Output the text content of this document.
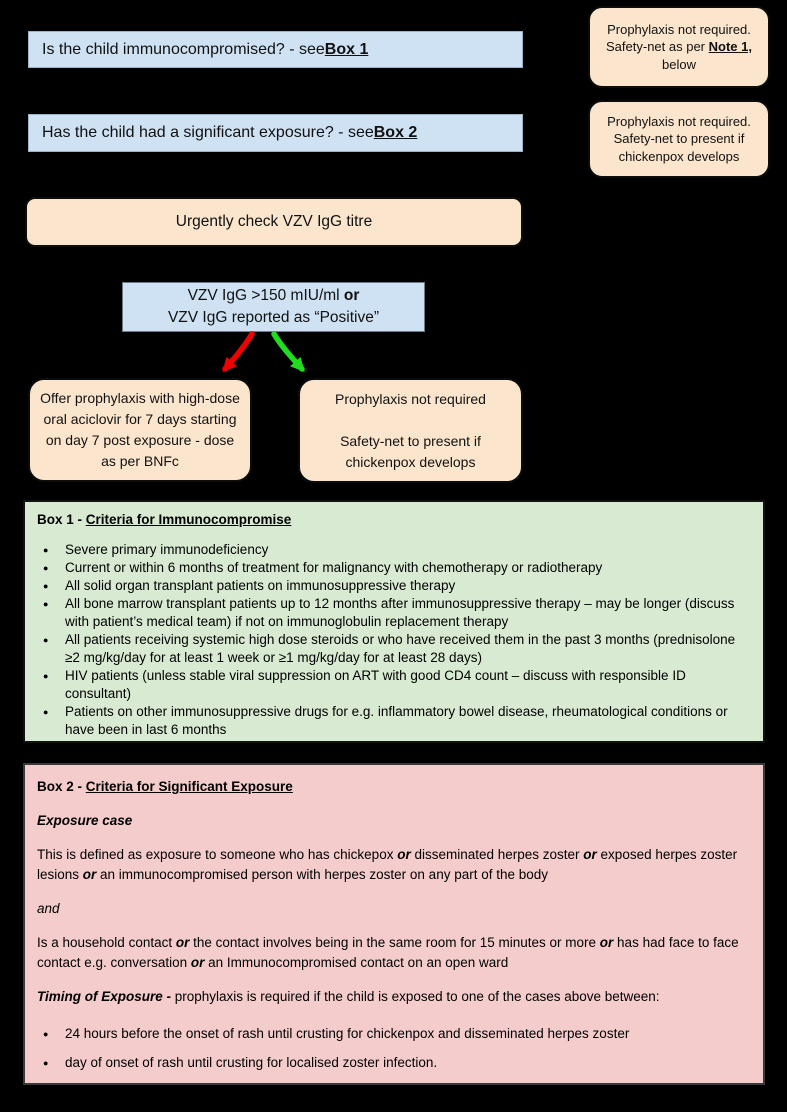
Is the child immunocompromised? - see Box 1
Prophylaxis not required. Safety-net as per Note 1, below
Has the child had a significant exposure? - see Box 2
Prophylaxis not required. Safety-net to present if chickenpox develops
Urgently check VZV IgG titre
VZV IgG >150 mIU/ml or
VZV IgG reported as “Positive”

Offer prophylaxis with high-dose oral aciclovir for 7 days starting on day 7 post exposure - dose as per BNFc

Prophylaxis not required

Safety-net to present if chickenpox develops

Box 1 - Criteria for Immunocompromise
● Severe primary immunodeficiency
● Current or within 6 months of treatment for malignancy with chemotherapy or radiotherapy
● All solid organ transplant patients on immunosuppressive therapy
● All bone marrow transplant patients up to 12 months after immunosuppressive therapy – may be longer (discuss with patient’s medical team) if not on immunoglobulin replacement therapy
● All patients receiving systemic high dose steroids or who have received them in the past 3 months (prednisolone ≥2 mg/kg/day for at least 1 week or ≥1 mg/kg/day for at least 28 days)
● HIV patients (unless stable viral suppression on ART with good CD4 count – discuss with responsible ID consultant)
● Patients on other immunosuppressive drugs for e.g. inflammatory bowel disease, rheumatological conditions or have been in last 6 months
Box 2 - Criteria for Significant Exposure

Exposure case

This is defined as exposure to someone who has chickepox or disseminated herpes zoster or exposed herpes zoster lesions or an immunocompromised person with herpes zoster on any part of the body

and

Is a household contact or the contact involves being in the same room for 15 minutes or more or has had face to face contact e.g. conversation or an Immunocompromised contact on an open ward

Timing of Exposure - prophylaxis is required if the child is exposed to one of the cases above between:

● 24 hours before the onset of rash until crusting for chickenpox and disseminated herpes zoster
● day of onset of rash until crusting for localised zoster infection.
